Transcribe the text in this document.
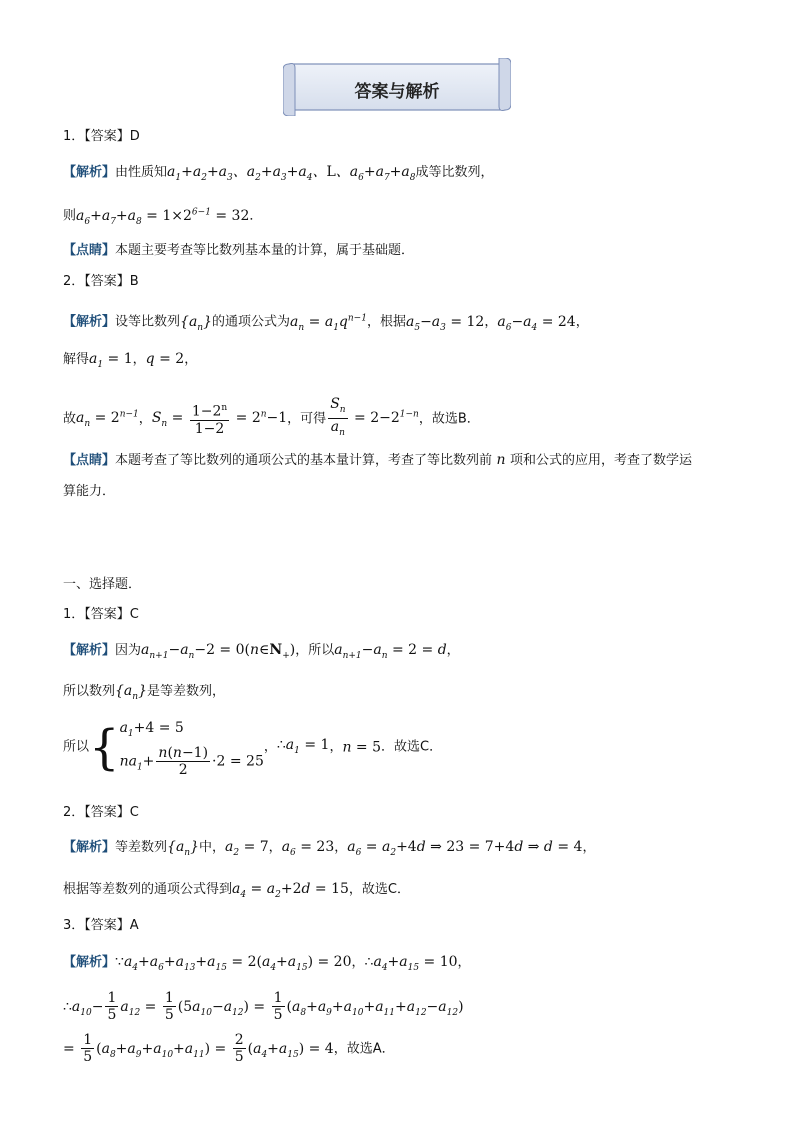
答案与解析
1．【答案】D
【解析】由性质知$a_1+a_2+a_3$、$a_2+a_3+a_4$、L、$a_6+a_7+a_8$成等比数列，
则$a_6+a_7+a_8 = 1\times 2^{6-1} = 32$．
【点睛】本题主要考查等比数列基本量的计算，属于基础题．
2．【答案】B
【解析】设等比数列$\{a_n\}$的通项公式为$a_n = a_1q^{n-1}$，根据$a_5-a_3 = 12$，$a_6-a_4 = 24$，
解得$a_1 = 1$，q = 2，
故$a_n = 2^{n-1}$，$S_n = \frac{1-2^n}{1-2} = 2^n-1$，可得 $\frac{S_n}{a_n} = 2-2^{1-n}$，故选B．
【点睛】本题考查了等比数列的通项公式的基本量计算，考查了等比数列前 n 项和公式的应用，考查了数学运
算能力．
一、选择题．
1．【答案】C
【解析】因为$a_{n+1}-a_n-2$ = $0(n\in N_+)$，所以$a_{n+1}-a_n = 2 = d$，
所以数列$\{a_n\}$是等差数列，
所以{ $a_1+4 = 5$
$na_1+ \frac{n(n-1)}{2} \cdot 2 = 25$
，$\therefore a_1 = 1$，n = 5．故选C．
2．【答案】C
【解析】等差数列$\{a_n\}$中，$a_2 = 7$，$a_6 = 23$，$a_6 = a_2+4d$ ⇒ 23 = 7+4d ⇒ d = 4，
根据等差数列的通项公式得到$a_4 = a_2+2d = 15$，故选C．
3．【答案】A
【解析】$\because a_4+a_6+a_{13}+a_{15} = 2(a_4+a_{15}) = 20$，$\therefore a_4+a_{15} = 10$，
$\therefore a_{10}- \frac{1}{5} a_{12} = \frac{1}{5} (5a_{10}-a_{12}) = \frac{1}{5} (a_8+a_9+a_{10}+a_{11}+a_{12}-a_{12})$
= $\frac{1}{5} (a_8+a_9+a_{10}+a_{11}) = \frac{2}{5} (a_4+a_{15}) = 4$，故选A．
